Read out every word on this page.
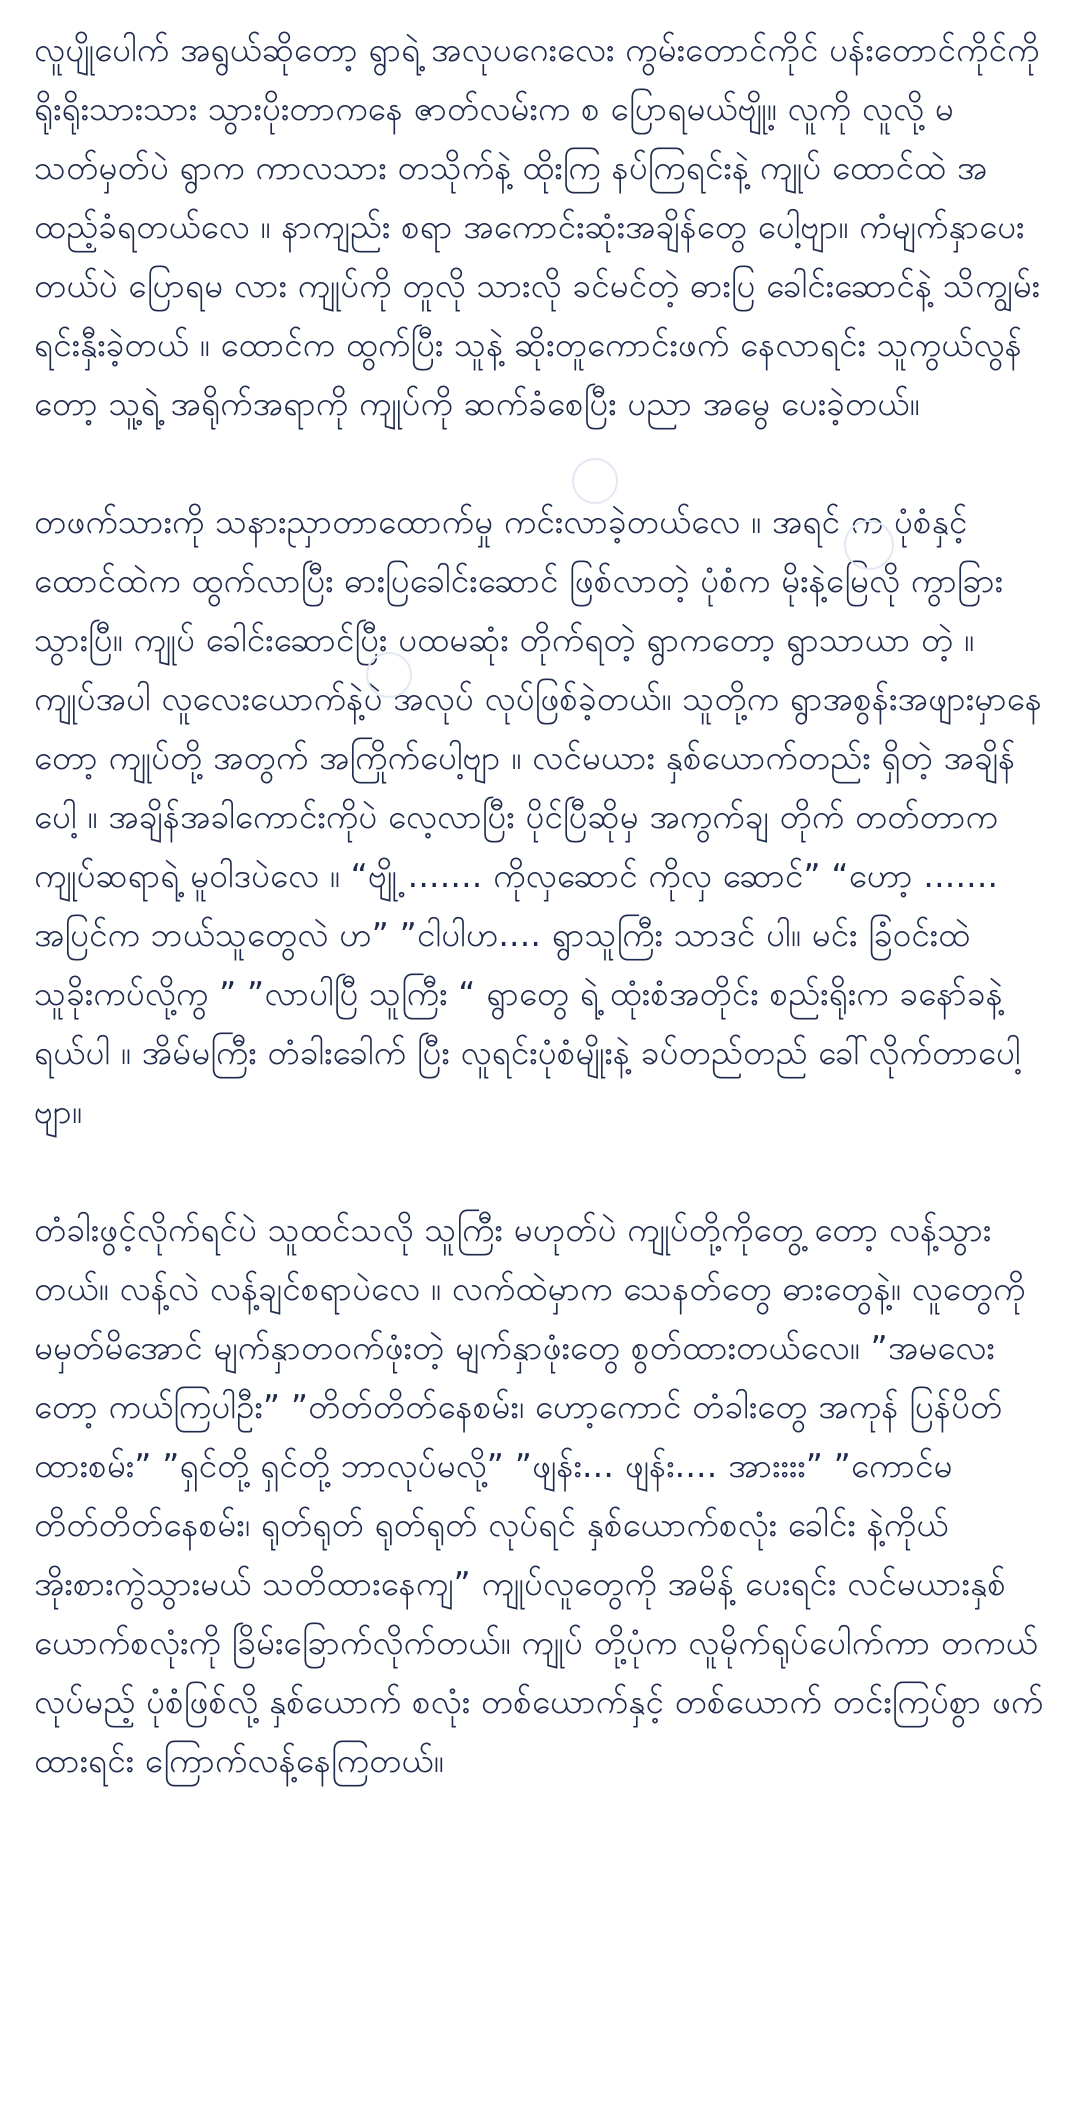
လူပျိုပေါက် အရွယ်ဆိုတော့ ရွာရဲ့ အလုပဂေးလေး ကွမ်းတောင်ကိုင် ပန်းတောင်ကိုင်ကို ရိုးရိုးသားသား သွားပိုးတာကနေ ဇာတ်လမ်းက စ ပြောရမယ်ဗျို့။ လူကို လူလို့ မသတ်မှတ်ပဲ ရွာက ကာလသား တသိုက်နဲ့ ထိုးကြ နပ်ကြရင်းနဲ့ ကျုပ် ထောင်ထဲ အထည့်ခံရတယ်လေ ။ နာကျည်း စရာ အကောင်းဆုံးအချိန်တွေ ပေါ့ဗျာ။ ကံမျက်နှာပေးတယ်ပဲ ပြောရမ လား ကျုပ်ကို တူလို သားလို ခင်မင်တဲ့ ဓားပြ ခေါင်းဆောင်နဲ့ သိကျွမ်း ရင်းနှီးခဲ့တယ် ။ ထောင်က ထွက်ပြီး သူနဲ့ ဆိုးတူကောင်းဖက် နေလာရင်း သူကွယ်လွန်တော့ သူ့ရဲ့ အရိုက်အရာကို ကျုပ်ကို ဆက်ခံစေပြီး ပညာ အမွေ ပေးခဲ့တယ်။

တဖက်သားကို သနားညှာတာထောက်မှု ကင်းလာခဲ့တယ်လေ ။ အရင် က ပုံစံနှင့် ထောင်ထဲက ထွက်လာပြီး ဓားပြခေါင်းဆောင် ဖြစ်လာတဲ့ ပုံစံက မိုးနဲ့မြေလို ကွာခြားသွားပြီ။ ကျုပ် ခေါင်းဆောင်ပြီး ပထမဆုံး တိုက်ရတဲ့ ရွာကတော့ ရွာသာယာ တဲ့ ။ ကျုပ်အပါ လူလေးယောက်နဲ့ပဲ အလုပ် လုပ်ဖြစ်ခဲ့တယ်။ သူတို့က ရွာအစွန်းအဖျားမှာနေတော့ ကျုပ်တို့ အတွက် အကြိုက်ပေါ့ဗျာ ။ လင်မယား နှစ်ယောက်တည်း ရှိတဲ့ အချိန် ပေါ့ ။ အချိန်အခါကောင်းကိုပဲ လေ့လာပြီး ပိုင်ပြီဆိုမှ အကွက်ချ တိုက် တတ်တာက ကျုပ်ဆရာရဲ့ မူဝါဒပဲလေ ။ “ဗျို့ ....... ကိုလှဆောင် ကိုလှ ဆောင်” “ဟော့ ....... အပြင်က ဘယ်သူတွေလဲ ဟ” ”ငါပါဟ.... ရွာသူကြီး သာဒင် ပါ။ မင်း ခြံဝင်းထဲ သူခိုးကပ်လို့ကွ ” ”လာပါပြီ သူကြီး “ ရွာတွေ ရဲ့ ထုံးစံအတိုင်း စည်းရိုးက ခနော်ခနဲ့ ရယ်ပါ ။ အိမ်မကြီး တံခါးခေါက် ပြီး လူရင်းပုံစံမျိုးနဲ့ ခပ်တည်တည် ခေါ်လိုက်တာပေါ့ဗျာ။

တံခါးဖွင့်လိုက်ရင်ပဲ သူထင်သလို သူကြီး မဟုတ်ပဲ ကျုပ်တို့ကိုတွေ့ တော့ လန့်သွားတယ်။ လန့်လဲ လန့်ချင်စရာပဲလေ ။ လက်ထဲမှာက သေနတ်တွေ ဓားတွေနဲ့။ လူတွေကို မမှတ်မိအောင် မျက်နှာတဝက်ဖုံးတဲ့ မျက်နှာဖုံးတွေ စွတ်ထားတယ်လေ။ ”အမလေးတော့ ကယ်ကြပါဦး” ”တိတ်တိတ်နေစမ်း၊ ဟော့ကောင် တံခါးတွေ အကုန် ပြန်ပိတ်ထားစမ်း” ”ရှင်တို့ ရှင်တို့ ဘာလုပ်မလို့” ”ဖျန်း... ဖျန်း.... အားးးး” ”ကောင်မ တိတ်တိတ်နေစမ်း၊ ရုတ်ရုတ် ရုတ်ရုတ် လုပ်ရင် နှစ်ယောက်စလုံး ခေါင်း နဲ့ကိုယ် အိုးစားကွဲသွားမယ် သတိထားနေကျ” ကျုပ်လူတွေကို အမိန့် ပေးရင်း လင်မယားနှစ်ယောက်စလုံးကို ခြိမ်းခြောက်လိုက်တယ်။ ကျုပ် တို့ပုံက လူမိုက်ရုပ်ပေါက်ကာ တကယ်လုပ်မည့် ပုံစံဖြစ်လို့ နှစ်ယောက် စလုံး တစ်ယောက်နှင့် တစ်ယောက် တင်းကြပ်စွာ ဖက်ထားရင်း ကြောက်လန့်နေကြတယ်။
